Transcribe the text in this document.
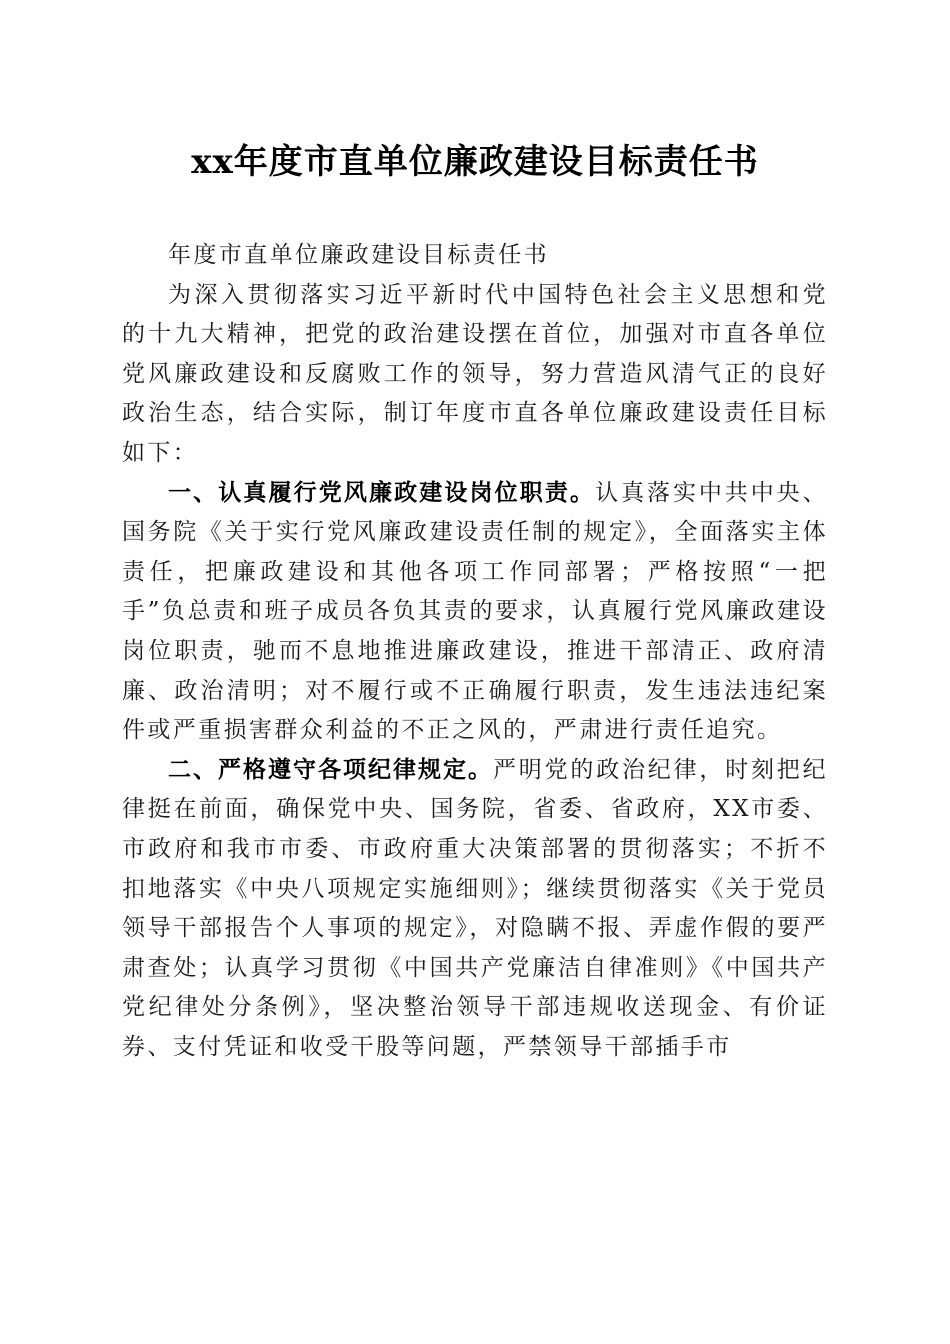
xx年度市直单位廉政建设目标责任书

年度市直单位廉政建设目标责任书

为深入贯彻落实习近平新时代中国特色社会主义思想和党的十九大精神，把党的政治建设摆在首位，加强对市直各单位党风廉政建设和反腐败工作的领导，努力营造风清气正的良好政治生态，结合实际，制订年度市直各单位廉政建设责任目标如下：

一、认真履行党风廉政建设岗位职责。认真落实中共中央、国务院《关于实行党风廉政建设责任制的规定》，全面落实主体责任，把廉政建设和其他各项工作同部署；严格按照“一把手”负总责和班子成员各负其责的要求，认真履行党风廉政建设岗位职责，驰而不息地推进廉政建设，推进干部清正、政府清廉、政治清明；对不履行或不正确履行职责，发生违法违纪案件或严重损害群众利益的不正之风的，严肃进行责任追究。

二、严格遵守各项纪律规定。严明党的政治纪律，时刻把纪律挺在前面，确保党中央、国务院，省委、省政府，XX市委、市政府和我市市委、市政府重大决策部署的贯彻落实；不折不扣地落实《中央八项规定实施细则》；继续贯彻落实《关于党员领导干部报告个人事项的规定》，对隐瞒不报、弄虚作假的要严肃查处；认真学习贯彻《中国共产党廉洁自律准则》《中国共产党纪律处分条例》，坚决整治领导干部违规收送现金、有价证券、支付凭证和收受干股等问题，严禁领导干部插手市
